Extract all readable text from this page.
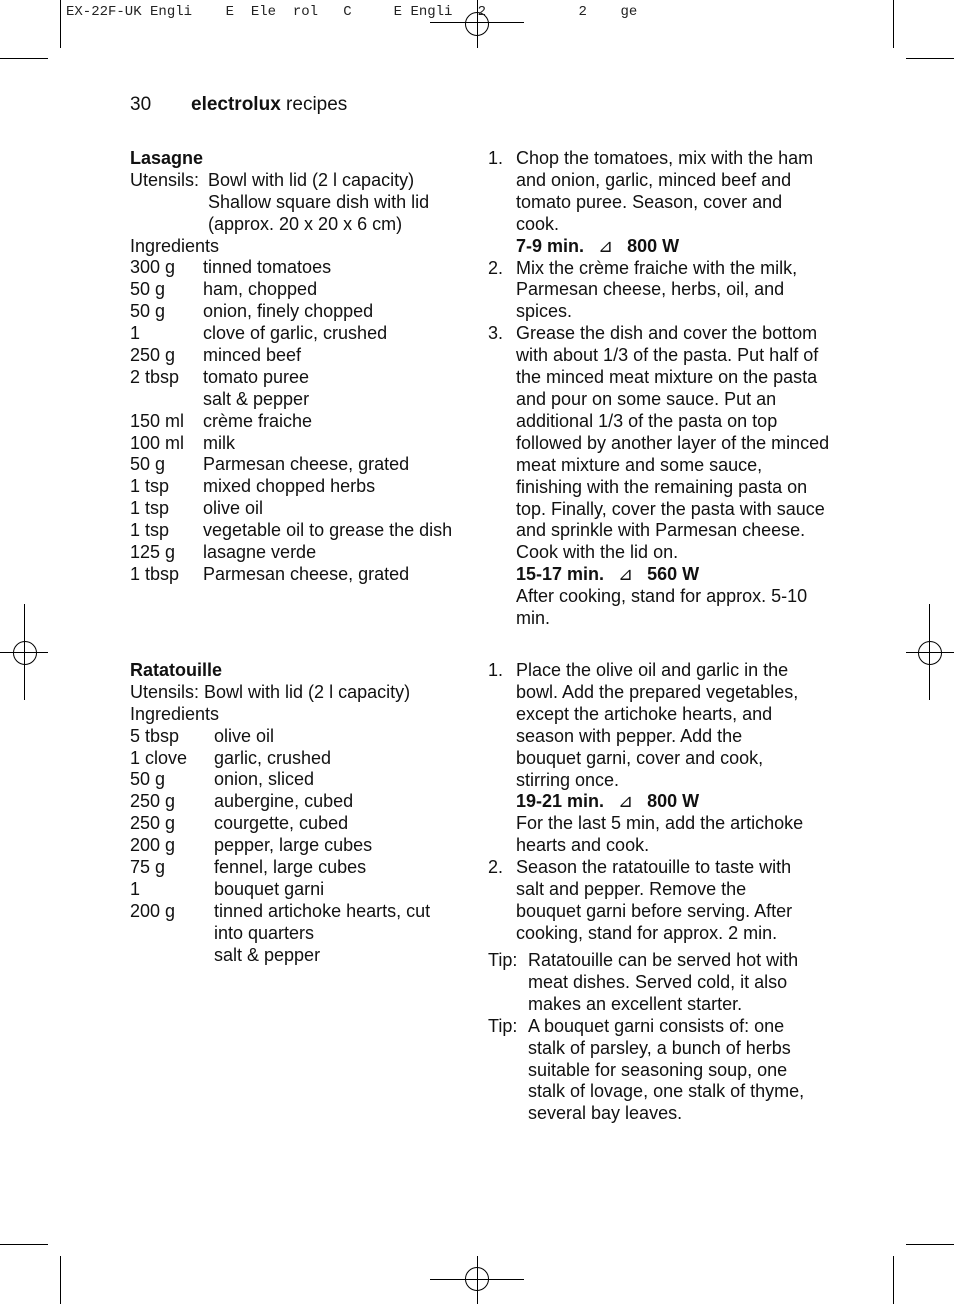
EX-22F-UK Engli    E  Ele  rol   C     E Engli   2           2    ge
30 electrolux recipes
Lasagne
Utensils: Bowl with lid (2 l capacity)
Shallow square dish with lid
(approx. 20 x 20 x 6 cm)
Ingredients
300 g tinned tomatoes
50 g ham, chopped
50 g onion, finely chopped
1	clove of garlic, crushed
250 g minced beef
2 tbsp tomato puree
salt & pepper
150 ml crème fraiche
100 ml milk
50 g Parmesan cheese, grated
1 tsp mixed chopped herbs
1 tsp olive oil
1 tsp vegetable oil to grease the dish
125 g lasagne verde
1 tbsp Parmesan cheese, grated
1. Chop the tomatoes, mix with the ham
and onion, garlic, minced beef and
tomato puree. Season, cover and
cook.
7-9 min. ⊿ 800 W
2. Mix the crème fraiche with the milk,
Parmesan cheese, herbs, oil, and
spices.
3. Grease the dish and cover the bottom
with about 1/3 of the pasta. Put half of
the minced meat mixture on the pasta
and pour on some sauce. Put an
additional 1/3 of the pasta on top
followed by another layer of the minced
meat mixture and some sauce,
finishing with the remaining pasta on
top. Finally, cover the pasta with sauce
and sprinkle with Parmesan cheese.
Cook with the lid on.
15-17 min. ⊿ 560 W
After cooking, stand for approx. 5-10
min.
Ratatouille
Utensils: Bowl with lid (2 l capacity)
Ingredients
5 tbsp olive oil
1 clove garlic, crushed
50 g	onion, sliced
250 g aubergine, cubed
250 g courgette, cubed
200 g pepper, large cubes
75 g	fennel, large cubes
1	bouquet garni
200 g tinned artichoke hearts, cut
into quarters
salt & pepper
1. Place the olive oil and garlic in the
bowl. Add the prepared vegetables,
except the artichoke hearts, and
season with pepper. Add the
bouquet garni, cover and cook,
stirring once.
19-21 min. ⊿ 800 W
For the last 5 min, add the artichoke
hearts and cook.
2. Season the ratatouille to taste with
salt and pepper. Remove the
bouquet garni before serving. After
cooking, stand for approx. 2 min.
Tip: Ratatouille can be served hot with
meat dishes. Served cold, it also
makes an excellent starter.
Tip: A bouquet garni consists of: one
stalk of parsley, a bunch of herbs
suitable for seasoning soup, one
stalk of lovage, one stalk of thyme,
several bay leaves.
